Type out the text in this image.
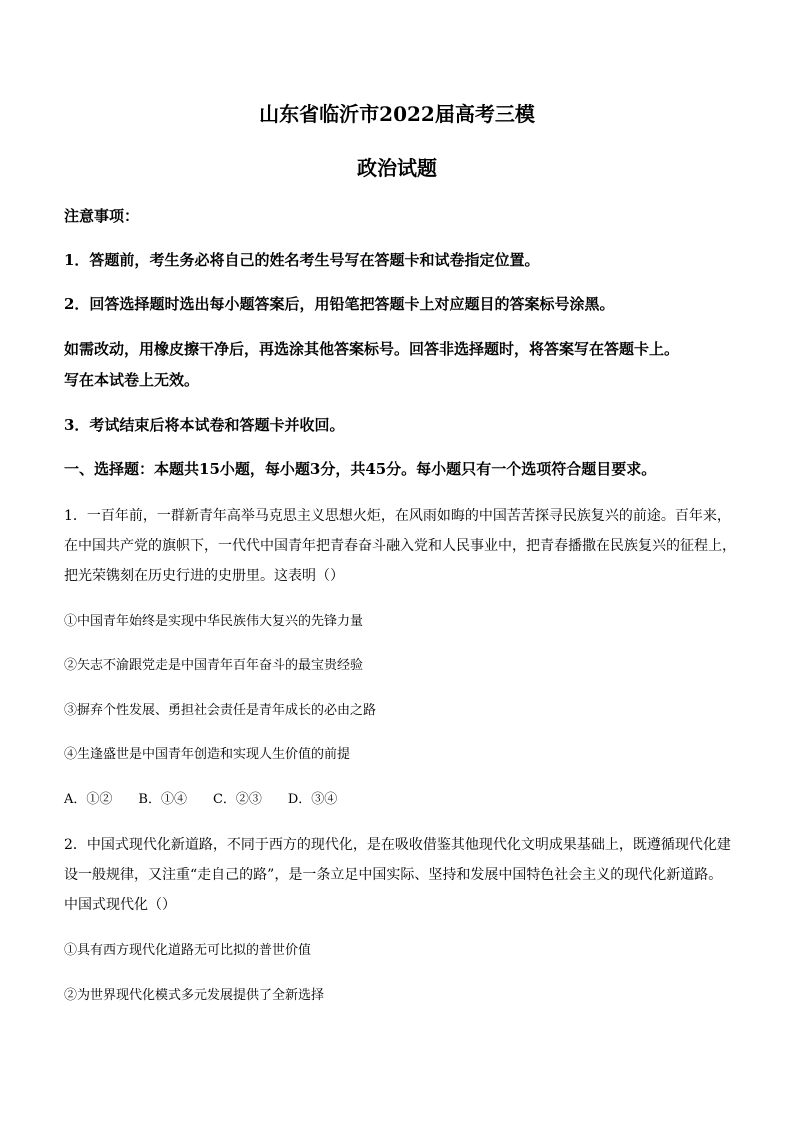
山东省临沂市2022届高考三模
政治试题
注意事项：
1．答题前，考生务必将自己的姓名考生号写在答题卡和试卷指定位置。
2．回答选择题时选出每小题答案后，用铅笔把答题卡上对应题目的答案标号涂黑。
如需改动，用橡皮擦干净后，再选涂其他答案标号。回答非选择题时，将答案写在答题卡上。
写在本试卷上无效。
3．考试结束后将本试卷和答题卡并收回。
一、选择题：本题共15小题，每小题3分，共45分。每小题只有一个选项符合题目要求。
1．一百年前，一群新青年高举马克思主义思想火炬，在风雨如晦的中国苦苦探寻民族复兴的前途。百年来，
在中国共产党的旗帜下，一代代中国青年把青春奋斗融入党和人民事业中，把青春播撒在民族复兴的征程上，
把光荣镌刻在历史行进的史册里。这表明（）
①中国青年始终是实现中华民族伟大复兴的先锋力量
②矢志不渝跟党走是中国青年百年奋斗的最宝贵经验
③摒弃个性发展、勇担社会责任是青年成长的必由之路
④生逢盛世是中国青年创造和实现人生价值的前提
A．①②　　B．①④　　C．②③　　D．③④
2．中国式现代化新道路，不同于西方的现代化，是在吸收借鉴其他现代化文明成果基础上，既遵循现代化建
设一般规律，又注重“走自己的路”，是一条立足中国实际、坚持和发展中国特色社会主义的现代化新道路。
中国式现代化（）
①具有西方现代化道路无可比拟的普世价值
②为世界现代化模式多元发展提供了全新选择
